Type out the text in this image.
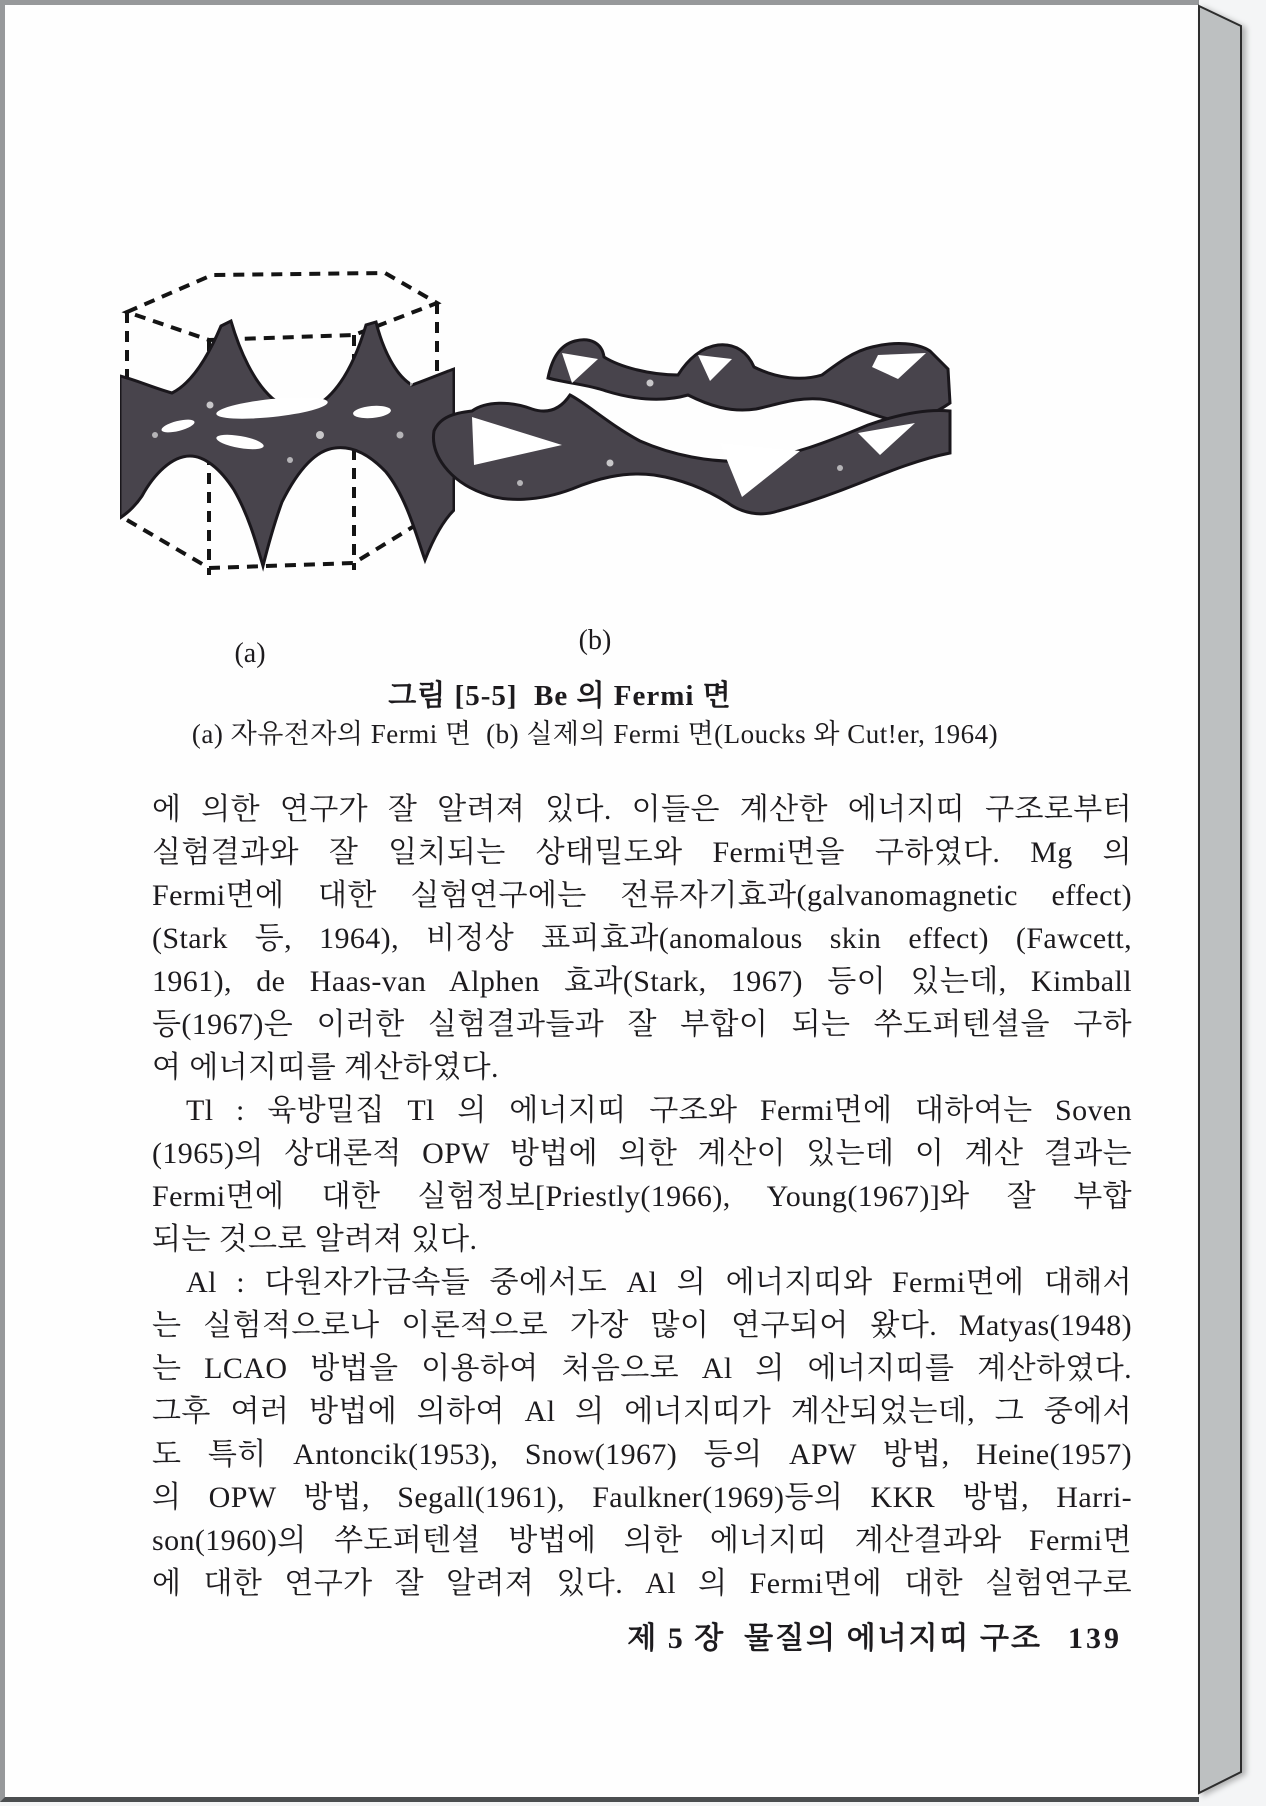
(a)	(b)
그림 [5-5]  Be 의 Fermi 면
(a) 자유전자의 Fermi 면  (b) 실제의 Fermi 면(Loucks 와 Cut!er, 1964)
에 의한 연구가 잘 알려져 있다. 이들은 계산한 에너지띠 구조로부터
실험결과와 잘 일치되는 상태밀도와 Fermi면을 구하였다. Mg 의
Fermi면에 대한 실험연구에는 전류자기효과(galvanomagnetic effect)
(Stark 등, 1964), 비정상 표피효과(anomalous skin effect) (Fawcett,
1961), de Haas-van Alphen 효과(Stark, 1967) 등이 있는데, Kimball
등(1967)은 이러한 실험결과들과 잘 부합이 되는 쑤도퍼텐셜을 구하
여 에너지띠를 계산하였다.
Tl : 육방밀집 Tl 의 에너지띠 구조와 Fermi면에 대하여는 Soven
(1965)의 상대론적 OPW 방법에 의한 계산이 있는데 이 계산 결과는
Fermi면에 대한 실험정보[Priestly(1966), Young(1967)]와 잘 부합
되는 것으로 알려져 있다.
Al : 다원자가금속들 중에서도 Al 의 에너지띠와 Fermi면에 대해서
는 실험적으로나 이론적으로 가장 많이 연구되어 왔다. Matyas(1948)
는 LCAO 방법을 이용하여 처음으로 Al 의 에너지띠를 계산하였다.
그후 여러 방법에 의하여 Al 의 에너지띠가 계산되었는데, 그 중에서
도 특히 Antoncik(1953), Snow(1967) 등의 APW 방법, Heine(1957)
의 OPW 방법, Segall(1961), Faulkner(1969)등의 KKR 방법, Harri-
son(1960)의 쑤도퍼텐셜 방법에 의한 에너지띠 계산결과와 Fermi면
에 대한 연구가 잘 알려져 있다. Al 의 Fermi면에 대한 실험연구로
제 5 장  물질의 에너지띠 구조 139
